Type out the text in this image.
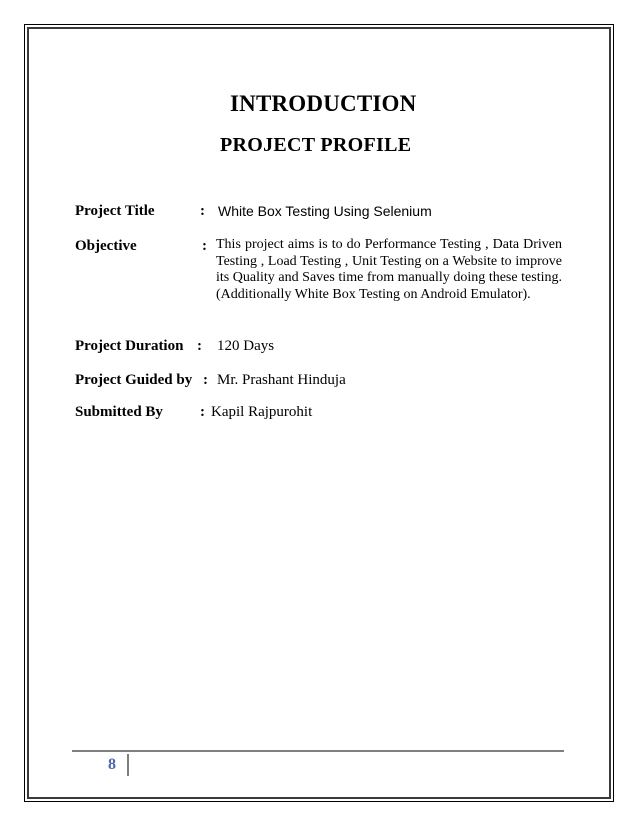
INTRODUCTION
PROJECT PROFILE
Project Title	: White Box Testing Using Selenium
Objective	: This project aims is to do Performance Testing , Data Driven Testing , Load Testing , Unit Testing on a Website to improve its Quality and Saves time from manually doing these testing.(Additionally White Box Testing on Android Emulator).
Project Duration : 120 Days
Project Guided by : Mr. Prashant Hinduja
Submitted By : Kapil Rajpurohit
8
